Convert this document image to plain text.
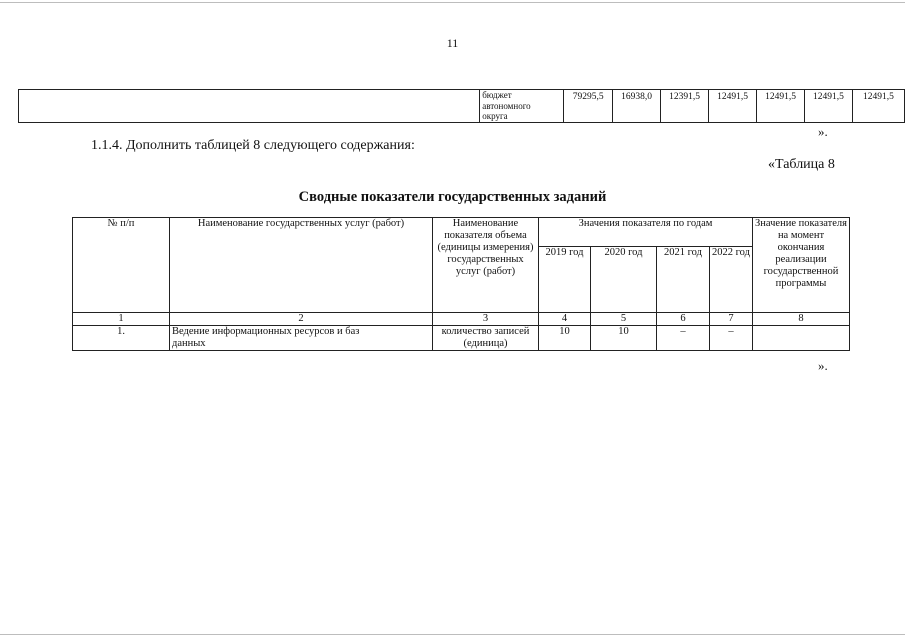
11

бюджет
автономного
округа
	79295,5	16938,0	12391,5	12491,5	12491,5	12491,5	12491,5
».
1.1.4. Дополнить таблицей 8 следующего содержания:
«Таблица 8
Сводные показатели государственных заданий
№ п/п	Наименование государственных услуг (работ)	Наименование показателя объема (единицы измерения) государственных услуг (работ)	Значения показателя по годам				Значение показателя на момент окончания реализации государственной программы
			2019 год	2020 год	2021 год	2022 год	
1	2	3	4	5	6	7	8
1.	Ведение информационных ресурсов и баз
данных	количество записей (единица)	10	10	–	–	
».
